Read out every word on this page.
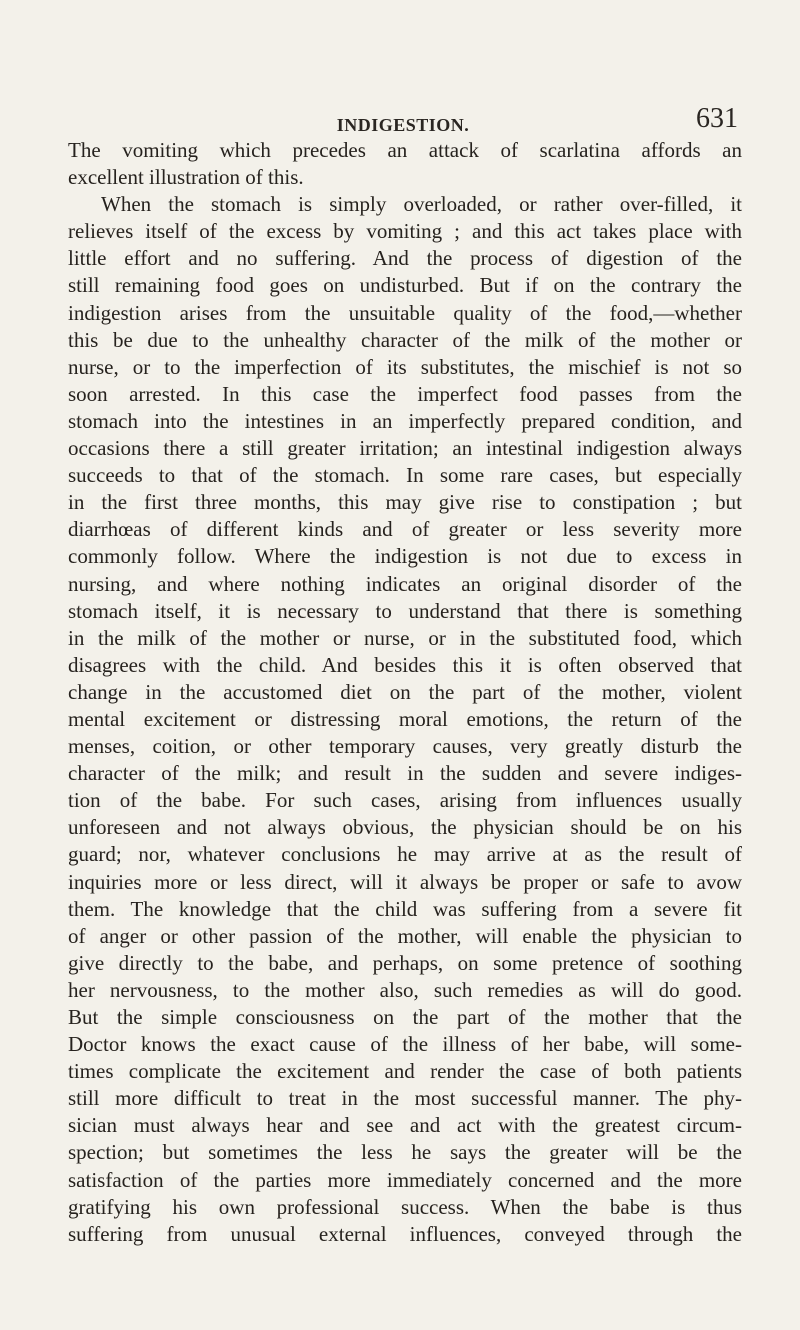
INDIGESTION.	631
The vomiting which precedes an attack of scarlatina affords an
excellent illustration of this.
When the stomach is simply overloaded, or rather over-filled, it
relieves itself of the excess by vomiting ; and this act takes place with
little effort and no suffering. And the process of digestion of the
still remaining food goes on undisturbed. But if on the contrary the
indigestion arises from the unsuitable quality of the food,—whether
this be due to the unhealthy character of the milk of the mother or
nurse, or to the imperfection of its substitutes, the mischief is not so
soon arrested. In this case the imperfect food passes from the
stomach into the intestines in an imperfectly prepared condition, and
occasions there a still greater irritation; an intestinal indigestion always
succeeds to that of the stomach. In some rare cases, but especially
in the first three months, this may give rise to constipation ; but
diarrhœas of different kinds and of greater or less severity more
commonly follow. Where the indigestion is not due to excess in
nursing, and where nothing indicates an original disorder of the
stomach itself, it is necessary to understand that there is something
in the milk of the mother or nurse, or in the substituted food, which
disagrees with the child. And besides this it is often observed that
change in the accustomed diet on the part of the mother, violent
mental excitement or distressing moral emotions, the return of the
menses, coition, or other temporary causes, very greatly disturb the
character of the milk; and result in the sudden and severe indiges-
tion of the babe. For such cases, arising from influences usually
unforeseen and not always obvious, the physician should be on his
guard; nor, whatever conclusions he may arrive at as the result of
inquiries more or less direct, will it always be proper or safe to avow
them. The knowledge that the child was suffering from a severe fit
of anger or other passion of the mother, will enable the physician to
give directly to the babe, and perhaps, on some pretence of soothing
her nervousness, to the mother also, such remedies as will do good.
But the simple consciousness on the part of the mother that the
Doctor knows the exact cause of the illness of her babe, will some-
times complicate the excitement and render the case of both patients
still more difficult to treat in the most successful manner. The phy-
sician must always hear and see and act with the greatest circum-
spection; but sometimes the less he says the greater will be the
satisfaction of the parties more immediately concerned and the more
gratifying his own professional success. When the babe is thus
suffering from unusual external influences, conveyed through the
